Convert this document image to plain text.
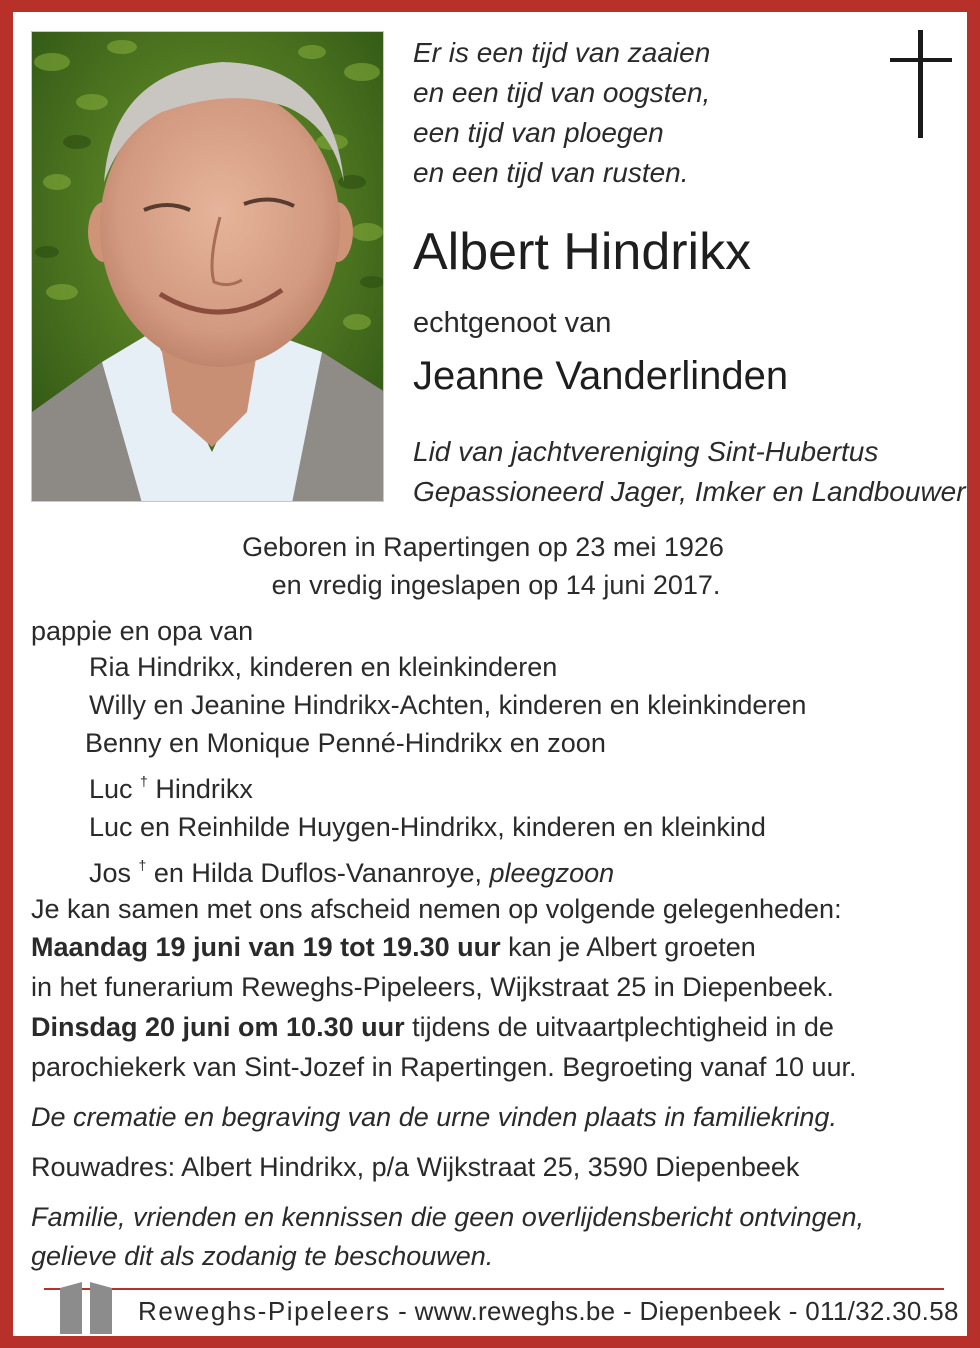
Er is een tijd van zaaien
en een tijd van oogsten,
een tijd van ploegen
en een tijd van rusten.
Albert Hindrikx
echtgenoot van
Jeanne Vanderlinden
Lid van jachtvereniging Sint-Hubertus
Gepassioneerd Jager, Imker en Landbouwer
Geboren in Rapertingen op 23 mei 1926
en vredig ingeslapen op 14 juni 2017.
pappie en opa van
Ria Hindrikx, kinderen en kleinkinderen
Willy en Jeanine Hindrikx-Achten, kinderen en kleinkinderen
Benny en Monique Penné-Hindrikx en zoon
Luc † Hindrikx
Luc en Reinhilde Huygen-Hindrikx, kinderen en kleinkind
Jos † en Hilda Duflos-Vananroye, pleegzoon
Je kan samen met ons afscheid nemen op volgende gelegenheden:
Maandag 19 juni van 19 tot 19.30 uur kan je Albert groeten
in het funerarium Reweghs-Pipeleers, Wijkstraat 25 in Diepenbeek.
Dinsdag 20 juni om 10.30 uur tijdens de uitvaartplechtigheid in de
parochiekerk van Sint-Jozef in Rapertingen. Begroeting vanaf 10 uur.
De crematie en begraving van de urne vinden plaats in familiekring.
Rouwadres: Albert Hindrikx, p/a Wijkstraat 25, 3590 Diepenbeek
Familie, vrienden en kennissen die geen overlijdensbericht ontvingen,
gelieve dit als zodanig te beschouwen.
Reweghs-Pipeleers - www.reweghs.be - Diepenbeek - 011/32.30.58
